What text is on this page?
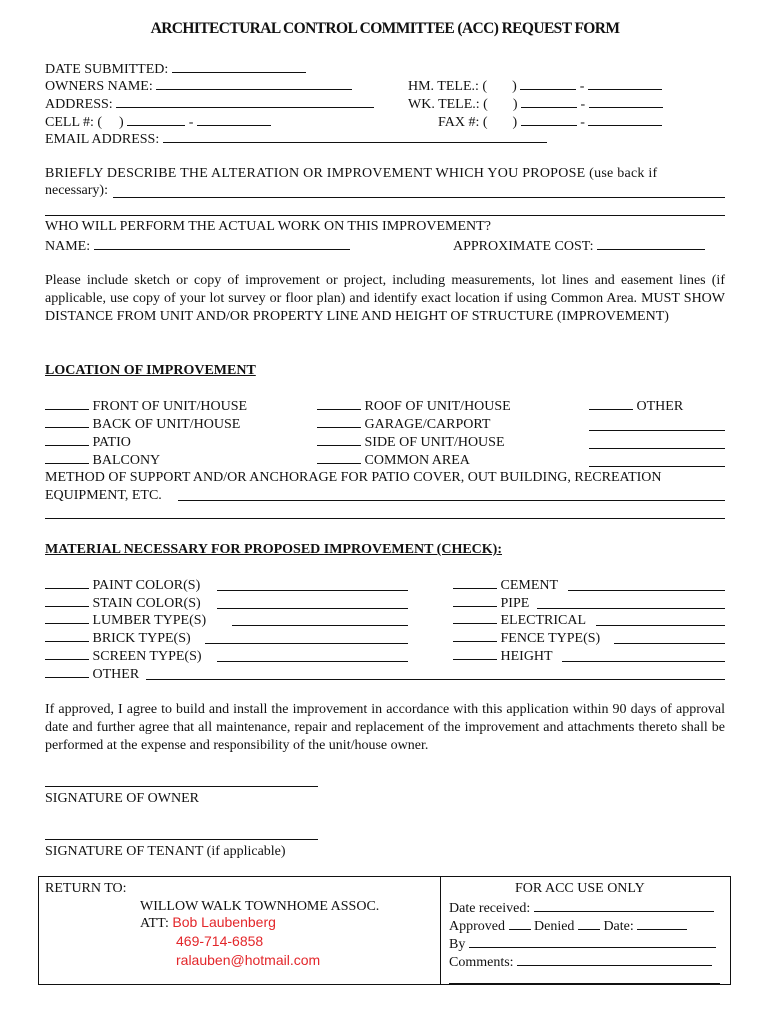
ARCHITECTURAL CONTROL COMMITTEE (ACC) REQUEST FORM
DATE SUBMITTED:
OWNERS NAME:
ADDRESS:
CELL #: ( )	-
EMAIL ADDRESS:
HM. TELE.: ( )	-
WK. TELE.: ( )	-
FAX #: ( )	-
BRIEFLY DESCRIBE THE ALTERATION OR IMPROVEMENT WHICH YOU PROPOSE (use back if
necessary):
WHO WILL PERFORM THE ACTUAL WORK ON THIS IMPROVEMENT?
NAME:	APPROXIMATE COST:
Please include sketch or copy of improvement or project, including measurements, lot lines and easement lines (if applicable, use copy of your lot survey or floor plan) and identify exact location if using Common Area. MUST SHOW DISTANCE FROM UNIT AND/OR PROPERTY LINE AND HEIGHT OF STRUCTURE (IMPROVEMENT)
LOCATION OF IMPROVEMENT
FRONT OF UNIT/HOUSE
BACK OF UNIT/HOUSE
PATIO
BALCONY
ROOF OF UNIT/HOUSE
GARAGE/CARPORT
SIDE OF UNIT/HOUSE
COMMON AREA
OTHER
METHOD OF SUPPORT AND/OR ANCHORAGE FOR PATIO COVER, OUT BUILDING, RECREATION
EQUIPMENT, ETC.
MATERIAL NECESSARY FOR PROPOSED IMPROVEMENT (CHECK):
PAINT COLOR(S)
STAIN COLOR(S)
LUMBER TYPE(S)
BRICK TYPE(S)
SCREEN TYPE(S)
OTHER
CEMENT
PIPE
ELECTRICAL
FENCE TYPE(S)
HEIGHT
If approved, I agree to build and install the improvement in accordance with this application within 90 days of approval date and further agree that all maintenance, repair and replacement of the improvement and attachments thereto shall be performed at the expense and responsibility of the unit/house owner.
SIGNATURE OF OWNER
SIGNATURE OF TENANT (if applicable)
RETURN TO:
WILLOW WALK TOWNHOME ASSOC.
ATT: Bob Laubenberg
469-714-6858
ralauben@hotmail.com
FOR ACC USE ONLY
Date received:
Approved Denied Date:
By
Comments:
